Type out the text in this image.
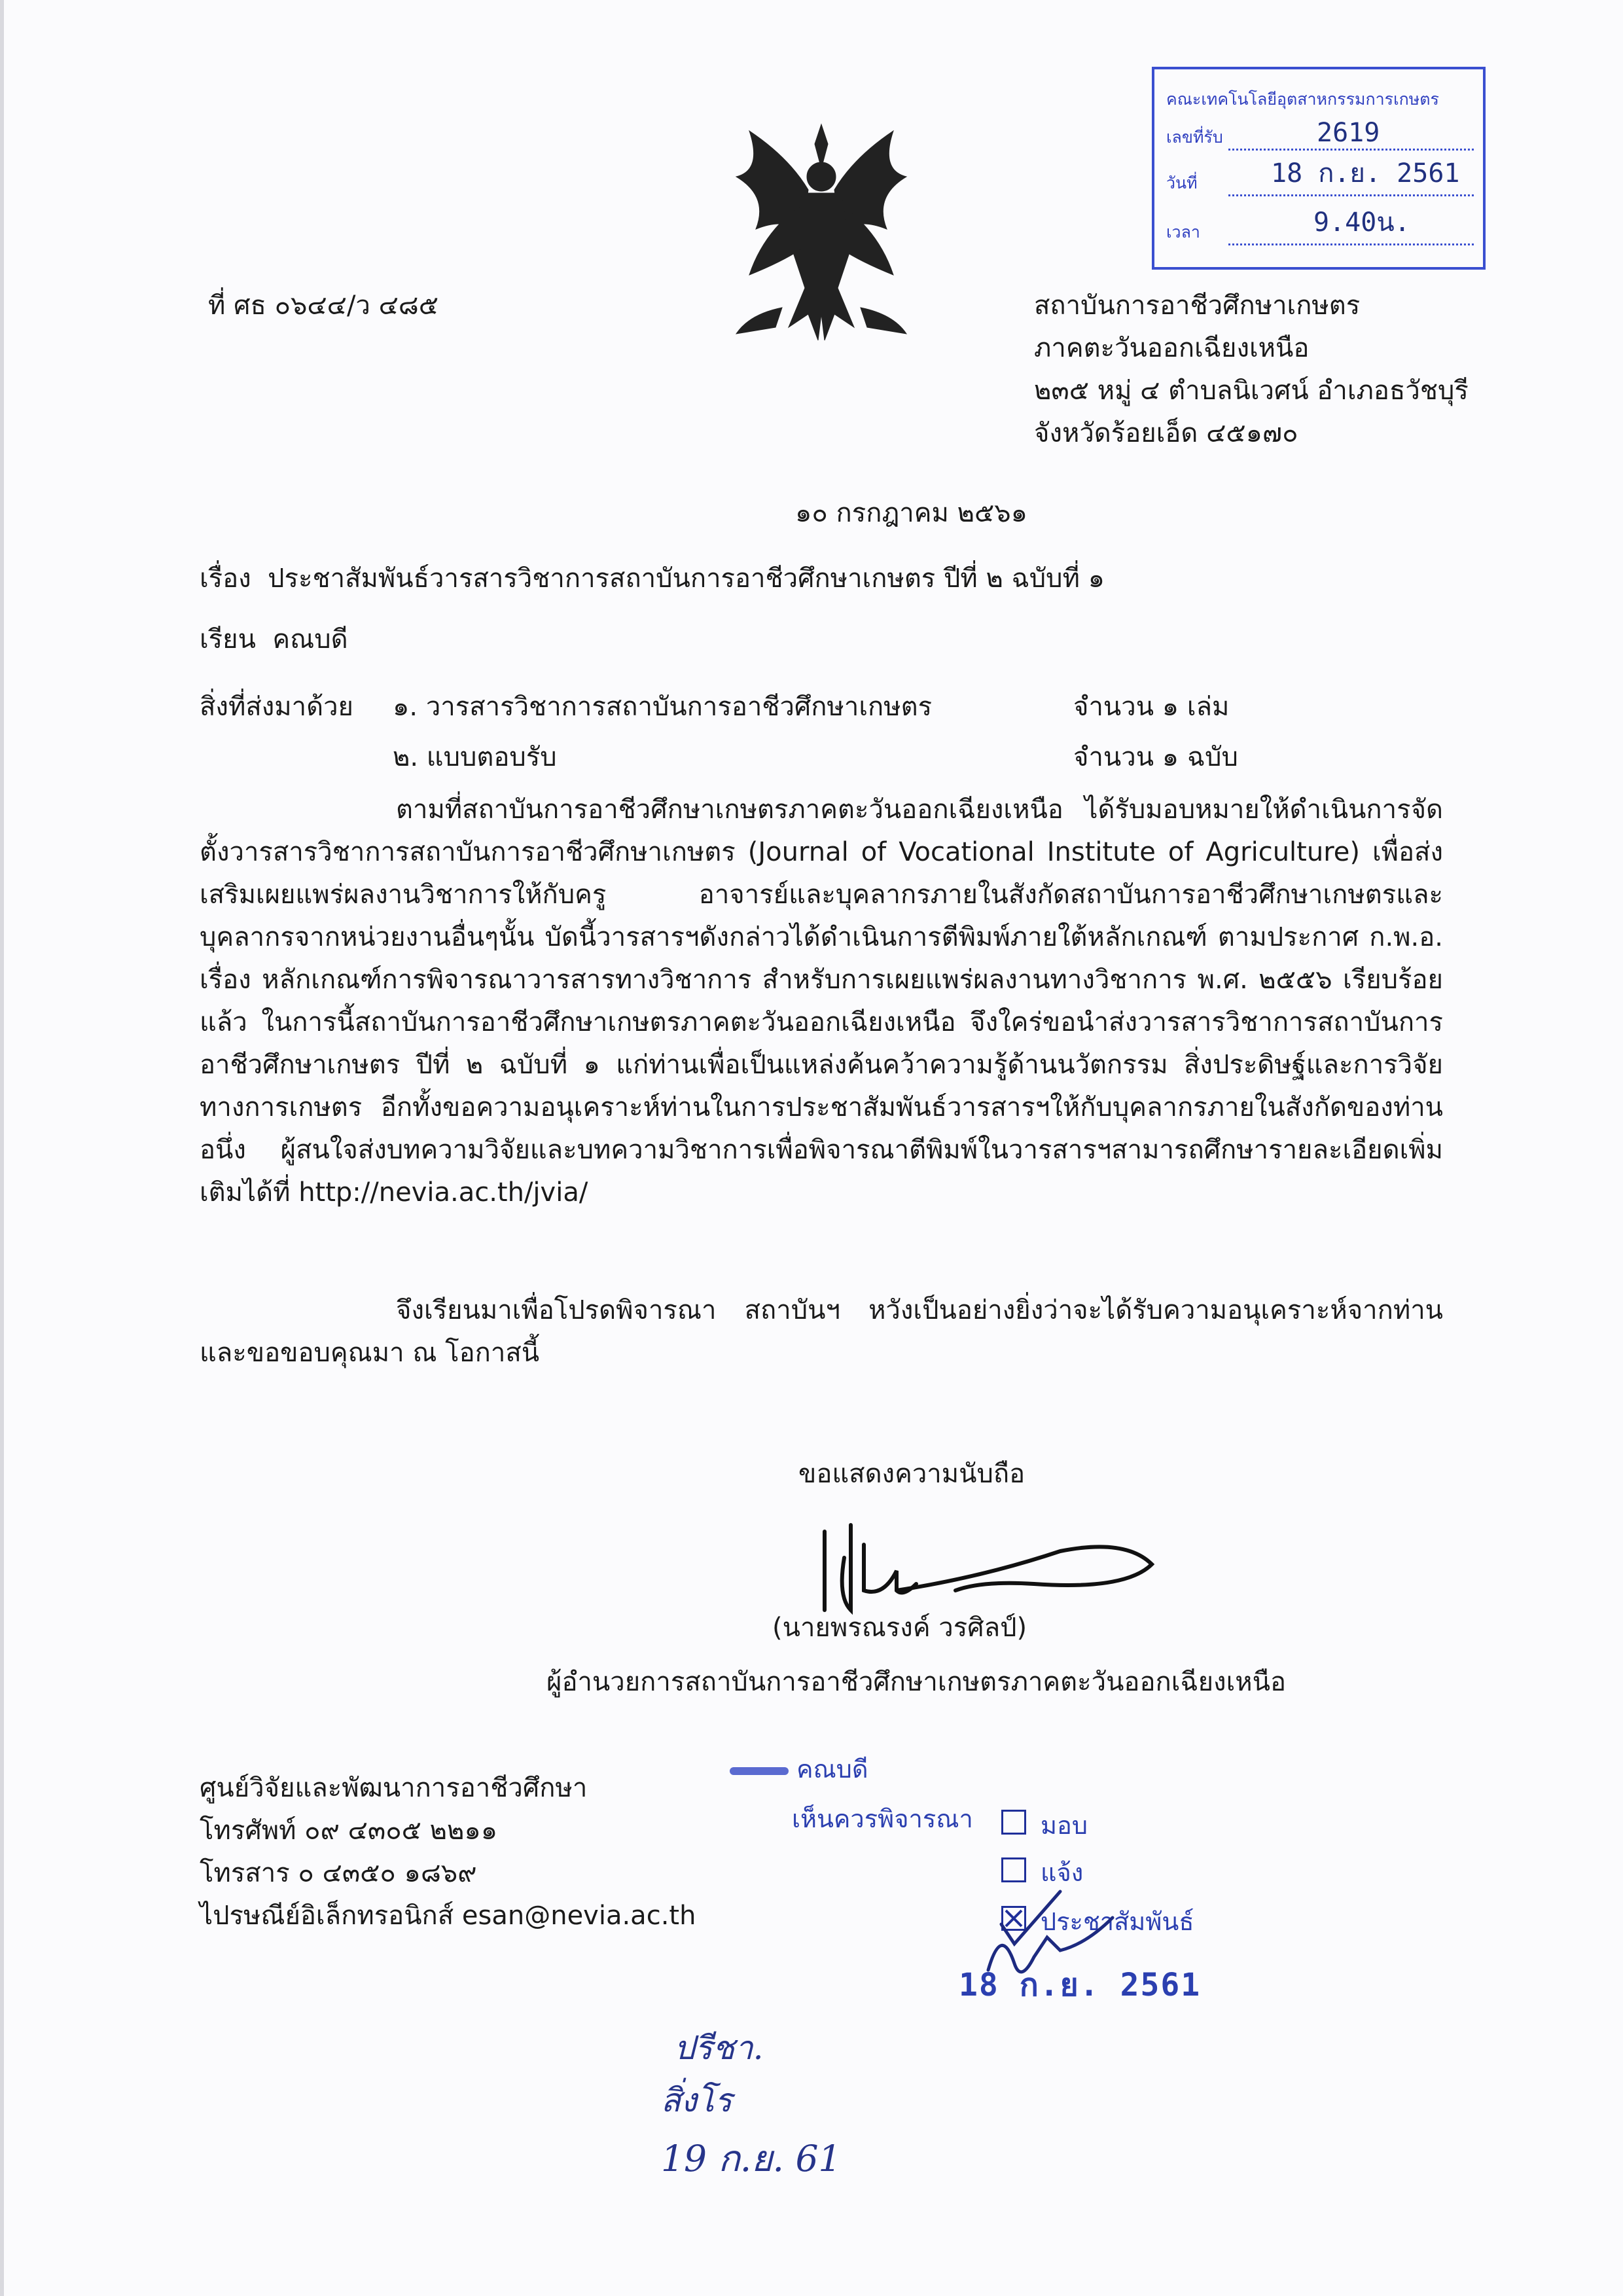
คณะเทคโนโลยีอุตสาหกรรมการเกษตร
เลขที่รับ	2619
วันที่	18 ก.ย. 2561
เวลา	9.40น.
ที่ ศธ ๐๖๔๔/ว ๔๘๕	สถาบันการอาชีวศึกษาเกษตร
ภาคตะวันออกเฉียงเหนือ
๒๓๕ หมู่ ๔ ตำบลนิเวศน์ อำเภอธวัชบุรี
จังหวัดร้อยเอ็ด ๔๕๑๗๐
๑๐ กรกฎาคม ๒๕๖๑
เรื่อง ประชาสัมพันธ์วารสารวิชาการสถาบันการอาชีวศึกษาเกษตร ปีที่ ๒ ฉบับที่ ๑
เรียน คณบดี
สิ่งที่ส่งมาด้วย ๑. วารสารวิชาการสถาบันการอาชีวศึกษาเกษตร	จำนวน ๑ เล่ม
๒. แบบตอบรับ	จำนวน ๑ ฉบับ
ตามที่สถาบันการอาชีวศึกษาเกษตรภาคตะวันออกเฉียงเหนือ ได้รับมอบหมายให้ดำเนินการจัดตั้งวารสารวิชาการสถาบันการอาชีวศึกษาเกษตร (Journal of Vocational Institute of Agriculture) เพื่อส่งเสริมเผยแพร่ผลงานวิชาการให้กับครู อาจารย์และบุคลากรภายในสังกัดสถาบันการอาชีวศึกษาเกษตรและบุคลากรจากหน่วยงานอื่นๆนั้น บัดนี้วารสารฯดังกล่าวได้ดำเนินการตีพิมพ์ภายใต้หลักเกณฑ์ ตามประกาศ ก.พ.อ. เรื่อง หลักเกณฑ์การพิจารณาวารสารทางวิชาการ สำหรับการเผยแพร่ผลงานทางวิชาการ พ.ศ. ๒๕๕๖ เรียบร้อยแล้ว ในการนี้สถาบันการอาชีวศึกษาเกษตรภาคตะวันออกเฉียงเหนือ จึงใคร่ขอนำส่งวารสารวิชาการสถาบันการอาชีวศึกษาเกษตร ปีที่ ๒ ฉบับที่ ๑ แก่ท่านเพื่อเป็นแหล่งค้นคว้าความรู้ด้านนวัตกรรม สิ่งประดิษฐ์และการวิจัยทางการเกษตร อีกทั้งขอความอนุเคราะห์ท่านในการประชาสัมพันธ์วารสารฯให้กับบุคลากรภายในสังกัดของท่าน อนึ่ง ผู้สนใจส่งบทความวิจัยและบทความวิชาการเพื่อพิจารณาตีพิมพ์ในวารสารฯสามารถศึกษารายละเอียดเพิ่มเติมได้ที่ http://nevia.ac.th/jvia/
จึงเรียนมาเพื่อโปรดพิจารณา สถาบันฯ หวังเป็นอย่างยิ่งว่าจะได้รับความอนุเคราะห์จากท่านและขอขอบคุณมา ณ โอกาสนี้
ขอแสดงความนับถือ
(นายพรณรงค์ วรศิลป์)
ผู้อำนวยการสถาบันการอาชีวศึกษาเกษตรภาคตะวันออกเฉียงเหนือ
ศูนย์วิจัยและพัฒนาการอาชีวศึกษา
โทรศัพท์ ๐๙ ๔๓๐๕ ๒๒๑๑
โทรสาร ๐ ๔๓๕๐ ๑๘๖๙
ไปรษณีย์อิเล็กทรอนิกส์ esan@nevia.ac.th
คณบดี
เห็นควรพิจารณา	มอบ
แจ้ง
ประชาสัมพันธ์
18 ก.ย. 2561
ปรีชา.
สิ่งโร
19 ก.ย. 61
